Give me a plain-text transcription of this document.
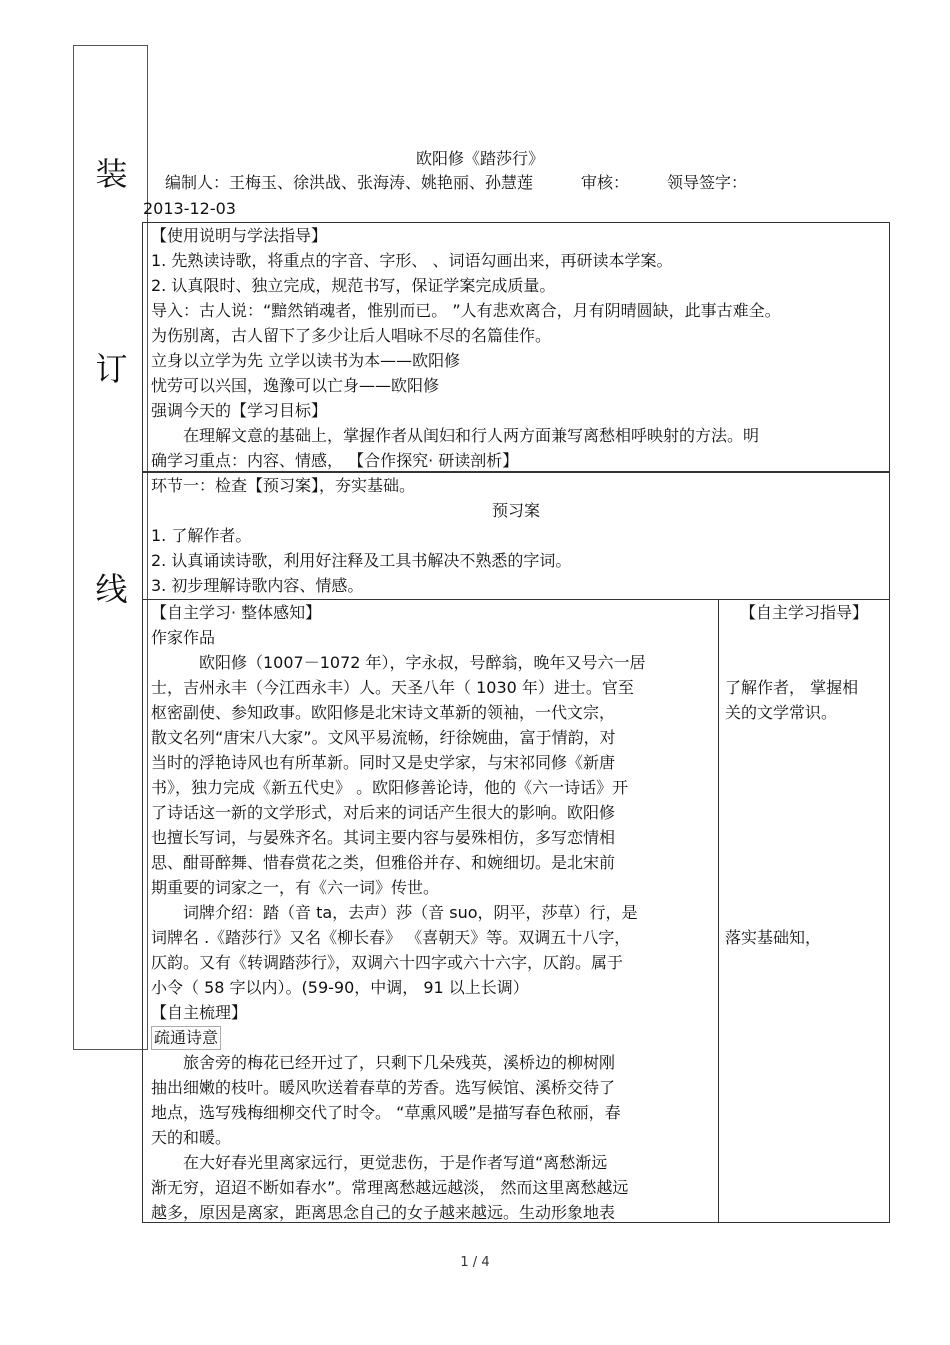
装
订
线
欧阳修《踏莎行》
编制人：王梅玉、徐洪战、张海涛、姚艳丽、孙慧莲	审核： 领导签字：
2013-12-03
【使用说明与学法指导】
1. 先熟读诗歌，将重点的字音、字形、 、词语勾画出来，再研读本学案。
2. 认真限时、独立完成，规范书写，保证学案完成质量。
导入：古人说：“黯然销魂者，惟别而已。 ”人有悲欢离合，月有阴晴圆缺，此事古难全。
为伤别离，古人留下了多少让后人唱咏不尽的名篇佳作。
立身以立学为先 立学以读书为本——欧阳修
忧劳可以兴国，逸豫可以亡身——欧阳修
强调今天的【学习目标】
在理解文意的基础上，掌握作者从闺妇和行人两方面兼写离愁相呼映射的方法。明
确学习重点：内容、情感， 【合作探究· 研读剖析】
环节一：检查【预习案】，夯实基础。
预习案
1. 了解作者。
2. 认真诵读诗歌，利用好注释及工具书解决不熟悉的字词。
3. 初步理解诗歌内容、情感。
【自主学习· 整体感知】
作家作品
欧阳修（1007－1072 年），字永叔，号醉翁，晚年又号六一居
士，吉州永丰（今江西永丰）人。天圣八年（ 1030 年）进士。官至
枢密副使、参知政事。欧阳修是北宋诗文革新的领袖，一代文宗，
散文名列“唐宋八大家”。文风平易流畅，纡徐婉曲，富于情韵，对
当时的浮艳诗风也有所革新。同时又是史学家，与宋祁同修《新唐
书》，独力完成《新五代史》 。欧阳修善论诗，他的《六一诗话》开
了诗话这一新的文学形式，对后来的词话产生很大的影响。欧阳修
也擅长写词，与晏殊齐名。其词主要内容与晏殊相仿，多写恋情相
思、酣哥醉舞、惜春赏花之类，但雅俗并存、和婉细切。是北宋前
期重要的词家之一，有《六一词》传世。
词牌介绍：踏（音 ta，去声）莎（音 suo，阴平，莎草）行，是
词牌名 .《踏莎行》又名《柳长春》 《喜朝天》等。双调五十八字，
仄韵。又有《转调踏莎行》，双调六十四字或六十六字，仄韵。属于
小令（ 58 字以内）。(59-90，中调， 91 以上长调）
【自主梳理】
疏通诗意
旅舍旁的梅花已经开过了，只剩下几朵残英，溪桥边的柳树刚
抽出细嫩的枝叶。暖风吹送着春草的芳香。选写候馆、溪桥交待了
地点，选写残梅细柳交代了时令。 “草熏风暖”是描写春色秾丽，春
天的和暖。
在大好春光里离家远行，更觉悲伤，于是作者写道“离愁渐远
渐无穷，迢迢不断如春水”。常理离愁越远越淡， 然而这里离愁越远
越多，原因是离家，距离思念自己的女子越来越远。生动形象地表
【自主学习指导】
了解作者， 掌握相
关的文学常识。
落实基础知，
1 / 4
